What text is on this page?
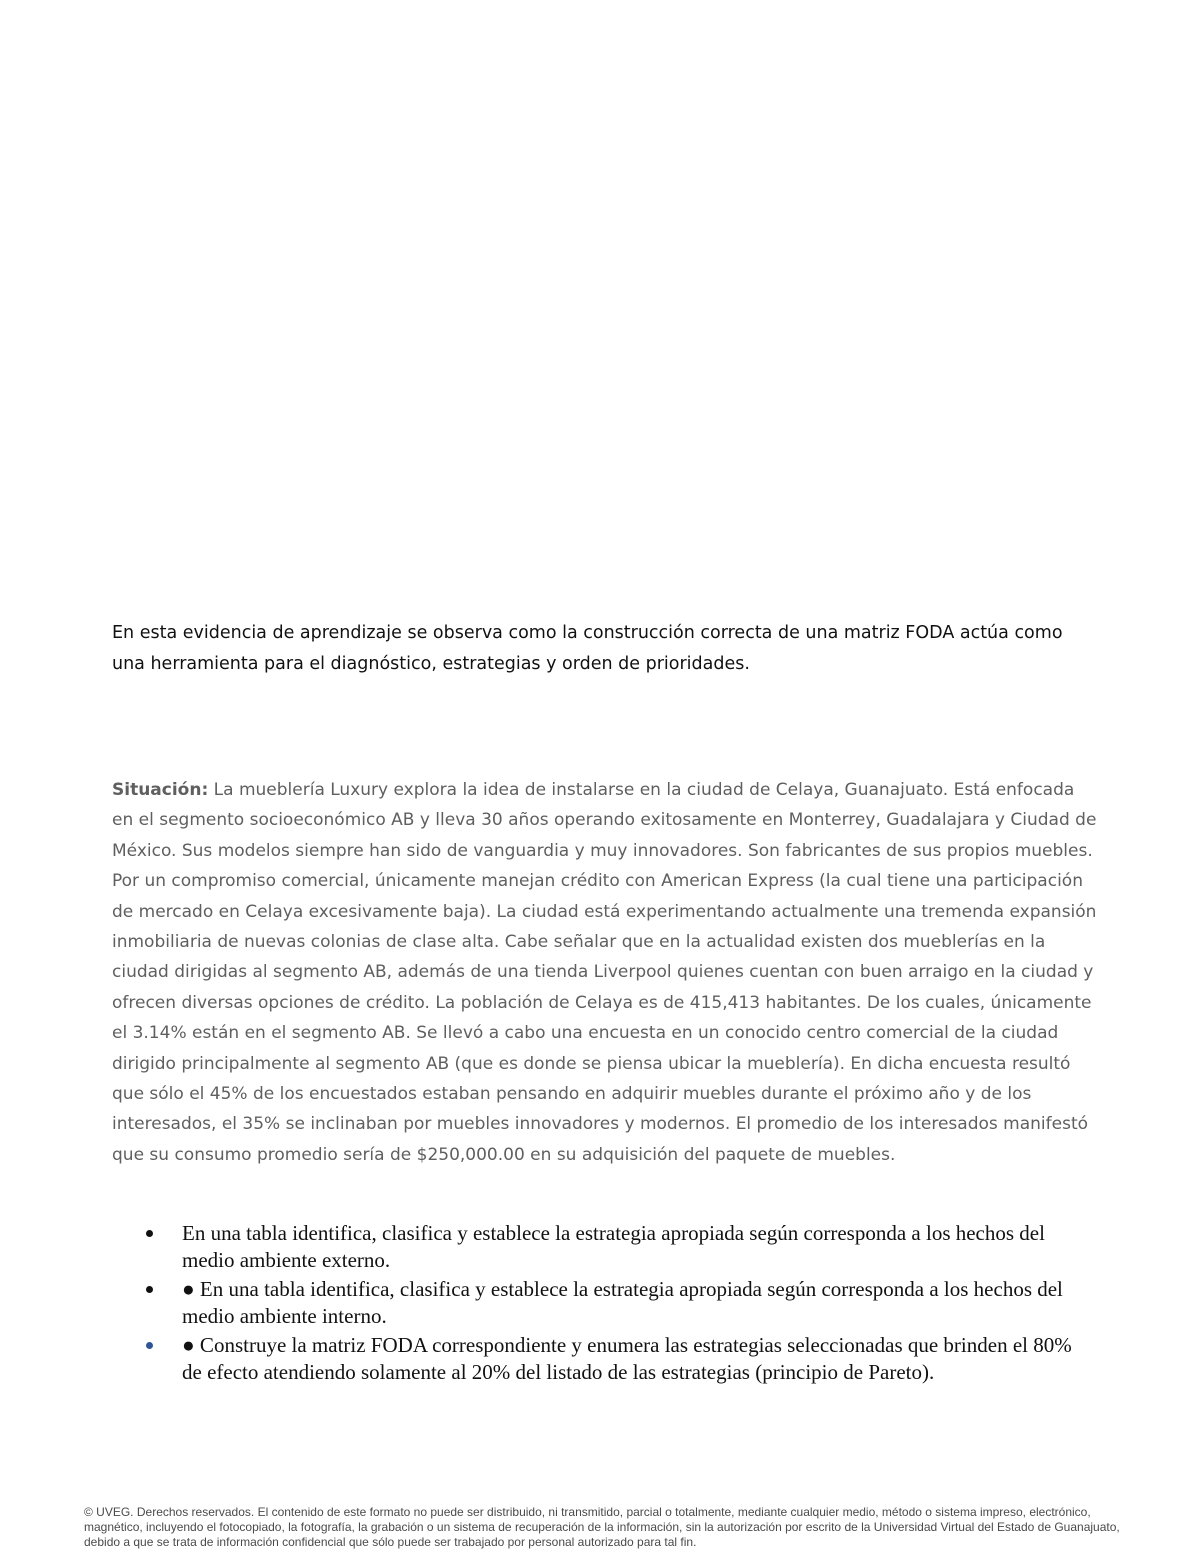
En esta evidencia de aprendizaje se observa como la construcción correcta de una matriz FODA actúa como una herramienta para el diagnóstico, estrategias y orden de prioridades.

Situación: La mueblería Luxury explora la idea de instalarse en la ciudad de Celaya, Guanajuato. Está enfocada en el segmento socioeconómico AB y lleva 30 años operando exitosamente en Monterrey, Guadalajara y Ciudad de México. Sus modelos siempre han sido de vanguardia y muy innovadores. Son fabricantes de sus propios muebles. Por un compromiso comercial, únicamente manejan crédito con American Express (la cual tiene una participación de mercado en Celaya excesivamente baja). La ciudad está experimentando actualmente una tremenda expansión inmobiliaria de nuevas colonias de clase alta. Cabe señalar que en la actualidad existen dos mueblerías en la ciudad dirigidas al segmento AB, además de una tienda Liverpool quienes cuentan con buen arraigo en la ciudad y ofrecen diversas opciones de crédito. La población de Celaya es de 415,413 habitantes. De los cuales, únicamente el 3.14% están en el segmento AB. Se llevó a cabo una encuesta en un conocido centro comercial de la ciudad dirigido principalmente al segmento AB (que es donde se piensa ubicar la mueblería). En dicha encuesta resultó que sólo el 45% de los encuestados estaban pensando en adquirir muebles durante el próximo año y de los interesados, el 35% se inclinaban por muebles innovadores y modernos. El promedio de los interesados manifestó que su consumo promedio sería de $250,000.00 en su adquisición del paquete de muebles.

En una tabla identifica, clasifica y establece la estrategia apropiada según corresponda a los hechos del medio ambiente externo.
● En una tabla identifica, clasifica y establece la estrategia apropiada según corresponda a los hechos del medio ambiente interno.
● Construye la matriz FODA correspondiente y enumera las estrategias seleccionadas que brinden el 80% de efecto atendiendo solamente al 20% del listado de las estrategias (principio de Pareto).

© UVEG. Derechos reservados. El contenido de este formato no puede ser distribuido, ni transmitido, parcial o totalmente, mediante cualquier medio, método o sistema impreso, electrónico, magnético, incluyendo el fotocopiado, la fotografía, la grabación o un sistema de recuperación de la información, sin la autorización por escrito de la Universidad Virtual del Estado de Guanajuato, debido a que se trata de información confidencial que sólo puede ser trabajado por personal autorizado para tal fin.
